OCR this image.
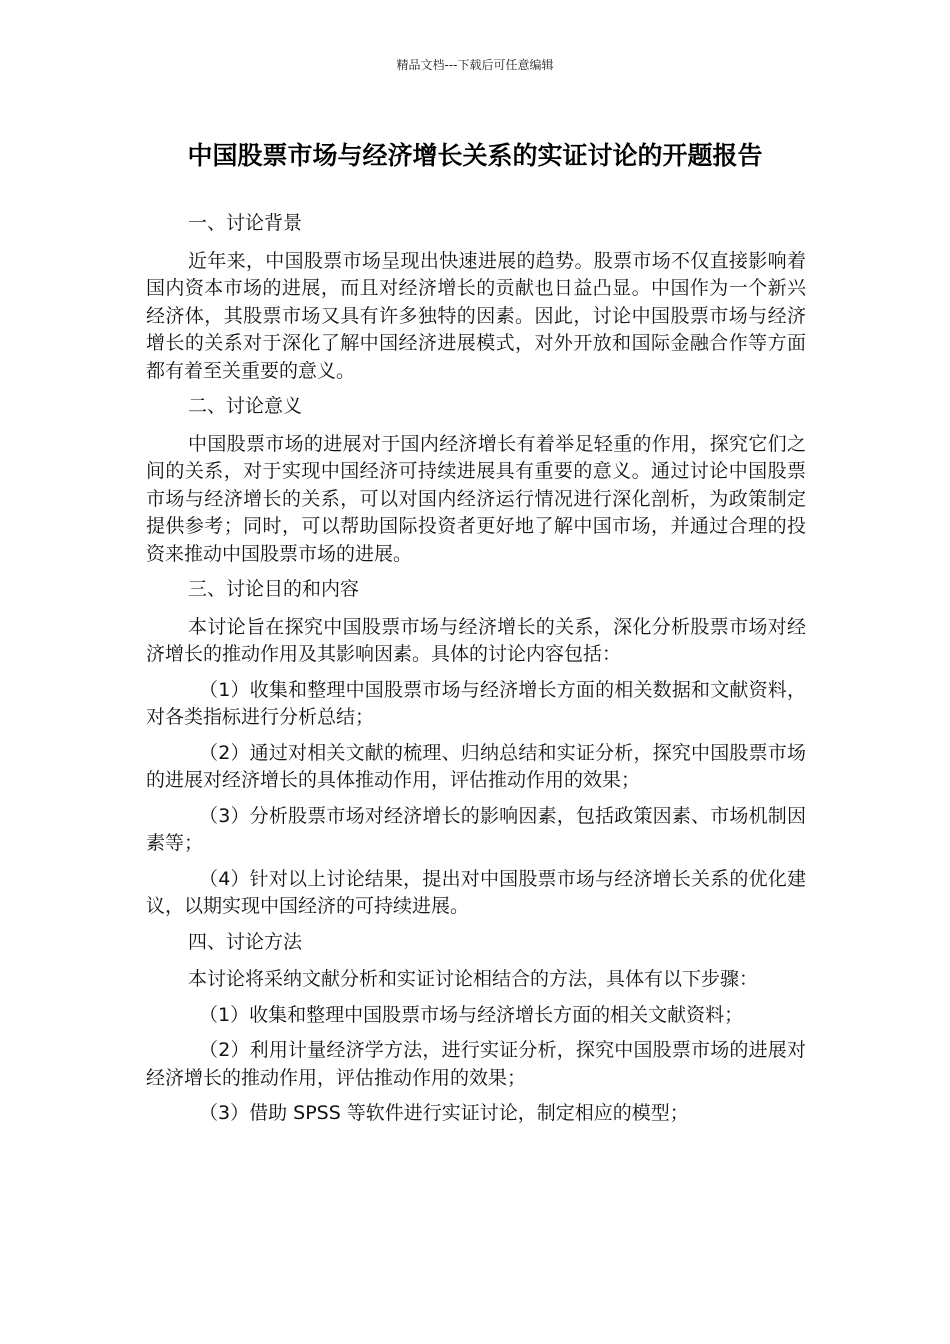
精品文档---下载后可任意编辑
中国股票市场与经济增长关系的实证讨论的开题报告
一、讨论背景

近年来，中国股票市场呈现出快速进展的趋势。股票市场不仅直接影响着国内资本市场的进展，而且对经济增长的贡献也日益凸显。中国作为一个新兴经济体，其股票市场又具有许多独特的因素。因此，讨论中国股票市场与经济增长的关系对于深化了解中国经济进展模式，对外开放和国际金融合作等方面都有着至关重要的意义。

二、讨论意义

中国股票市场的进展对于国内经济增长有着举足轻重的作用，探究它们之间的关系，对于实现中国经济可持续进展具有重要的意义。通过讨论中国股票市场与经济增长的关系，可以对国内经济运行情况进行深化剖析，为政策制定提供参考；同时，可以帮助国际投资者更好地了解中国市场，并通过合理的投资来推动中国股票市场的进展。

三、讨论目的和内容

本讨论旨在探究中国股票市场与经济增长的关系，深化分析股票市场对经济增长的推动作用及其影响因素。具体的讨论内容包括：

（1）收集和整理中国股票市场与经济增长方面的相关数据和文献资料，对各类指标进行分析总结；

（2）通过对相关文献的梳理、归纳总结和实证分析，探究中国股票市场的进展对经济增长的具体推动作用，评估推动作用的效果；

（3）分析股票市场对经济增长的影响因素，包括政策因素、市场机制因素等；

（4）针对以上讨论结果，提出对中国股票市场与经济增长关系的优化建议，以期实现中国经济的可持续进展。

四、讨论方法

本讨论将采纳文献分析和实证讨论相结合的方法，具体有以下步骤：

（1）收集和整理中国股票市场与经济增长方面的相关文献资料；

（2）利用计量经济学方法，进行实证分析，探究中国股票市场的进展对经济增长的推动作用，评估推动作用的效果；

（3）借助 SPSS 等软件进行实证讨论，制定相应的模型；
